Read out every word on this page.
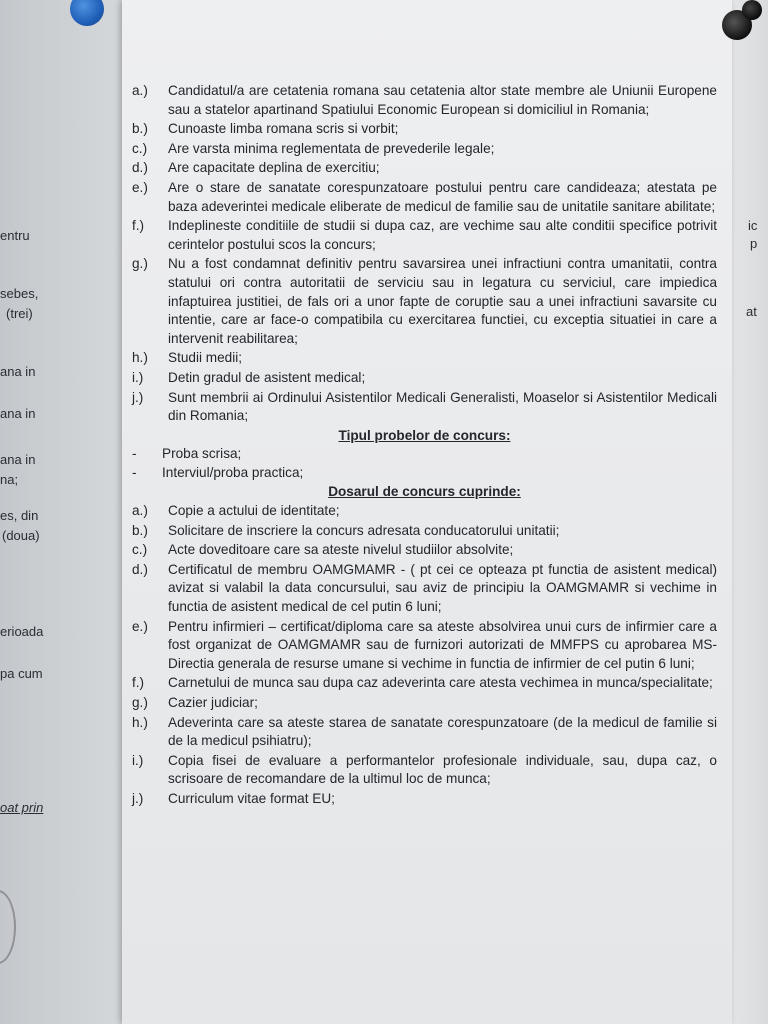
entru
sebes,
(trei)
ana in
ana in
ana in
na;
es, din
(doua)
erioada
pa cum
oat prin
ic
p
at
a.) Candidatul/a are cetatenia romana sau cetatenia altor state membre ale Uniunii Europene sau a statelor apartinand Spatiului Economic European si domiciliul in Romania;
b.) Cunoaste limba romana scris si vorbit;
c.) Are varsta minima reglementata de prevederile legale;
d.) Are capacitate deplina de exercitiu;
e.) Are o stare de sanatate corespunzatoare postului pentru care candideaza; atestata pe baza adeverintei medicale eliberate de medicul de familie sau de unitatile sanitare abilitate;
f.) Indeplineste conditiile de studii si dupa caz, are vechime sau alte conditii specifice potrivit cerintelor postului scos la concurs;
g.) Nu a fost condamnat definitiv pentru savarsirea unei infractiuni contra umanitatii, contra statului ori contra autoritatii de serviciu sau in legatura cu serviciul, care impiedica infaptuirea justitiei, de fals ori a unor fapte de coruptie sau a unei infractiuni savarsite cu intentie, care ar face-o compatibila cu exercitarea functiei, cu exceptia situatiei in care a intervenit reabilitarea;
h.) Studii medii;
i.) Detin gradul de asistent medical;
j.) Sunt membrii ai Ordinului Asistentilor Medicali Generalisti, Moaselor si Asistentilor Medicali din Romania;
Tipul probelor de concurs:
- Proba scrisa;
- Interviul/proba practica;
Dosarul de concurs cuprinde:
a.) Copie a actului de identitate;
b.) Solicitare de inscriere la concurs adresata conducatorului unitatii;
c.) Acte doveditoare care sa ateste nivelul studiilor absolvite;
d.) Certificatul de membru OAMGMAMR - ( pt cei ce opteaza pt functia de asistent medical) avizat si valabil la data concursului, sau aviz de principiu la OAMGMAMR si vechime in functia de asistent medical de cel putin 6 luni;
e.) Pentru infirmieri – certificat/diploma care sa ateste absolvirea unui curs de infirmier care a fost organizat de OAMGMAMR sau de furnizori autorizati de MMFPS cu aprobarea MS-Directia generala de resurse umane si vechime in functia de infirmier de cel putin 6 luni;
f.) Carnetului de munca sau dupa caz adeverinta care atesta vechimea in munca/specialitate;
g.) Cazier judiciar;
h.) Adeverinta care sa ateste starea de sanatate corespunzatoare (de la medicul de familie si de la medicul psihiatru);
i.) Copia fisei de evaluare a performantelor profesionale individuale, sau, dupa caz, o scrisoare de recomandare de la ultimul loc de munca;
j.) Curriculum vitae format EU;
